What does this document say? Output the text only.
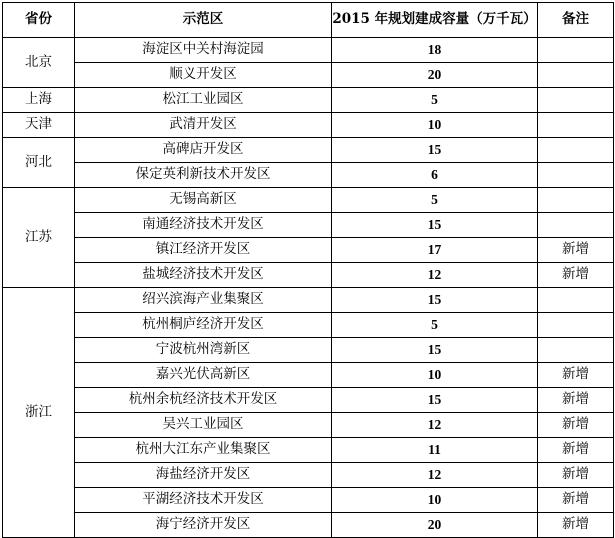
省份	示范区	2015 年规划建成容量（万千瓦）	备注
北京	海淀区中关村海淀园	18	
	顺义开发区	20	
上海	松江工业园区	5	
天津	武清开发区	10	
河北	高碑店开发区	15	
	保定英利新技术开发区	6	
江苏	无锡高新区	5	
	南通经济技术开发区	15	
	镇江经济开发区	17	新增
	盐城经济技术开发区	12	新增
浙江	绍兴滨海产业集聚区	15	
	杭州桐庐经济开发区	5	
	宁波杭州湾新区	15	
	嘉兴光伏高新区	10	新增
	杭州余杭经济技术开发区	15	新增
	吴兴工业园区	12	新增
	杭州大江东产业集聚区	11	新增
	海盐经济开发区	12	新增
	平湖经济技术开发区	10	新增
	海宁经济开发区	20	新增
